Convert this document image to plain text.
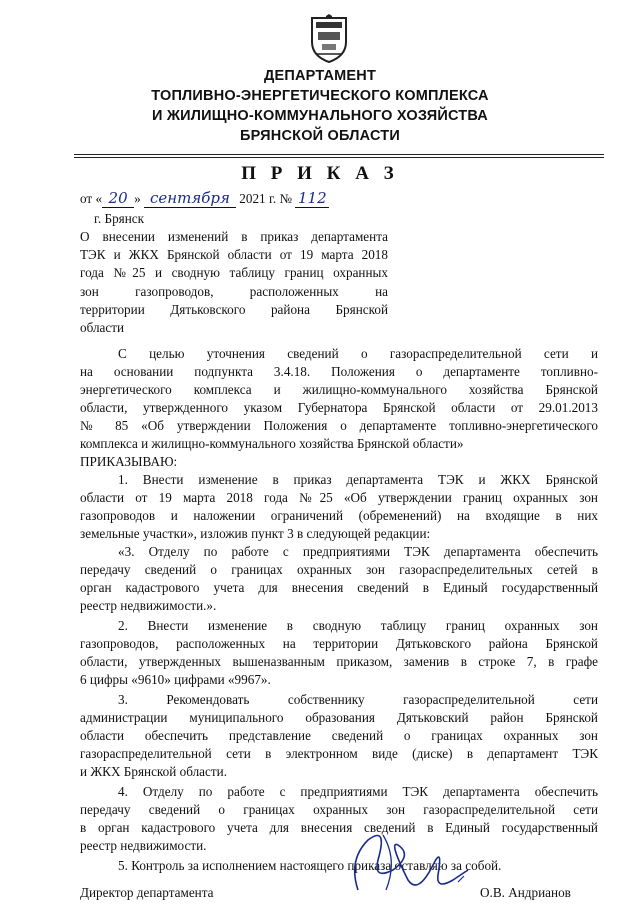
ДЕПАРТАМЕНТ
ТОПЛИВНО-ЭНЕРГЕТИЧЕСКОГО КОМПЛЕКСА
И ЖИЛИЩНО-КОММУНАЛЬНОГО ХОЗЯЙСТВА
БРЯНСКОЙ ОБЛАСТИ
П Р И К А З
от « 20 » сентября 2021 г. № 112
г. Брянск
О внесении изменений в приказ департамента
ТЭК и ЖКХ Брянской области от 19 марта 2018
года №25 и сводную таблицу границ охранных
зон газопроводов, расположенных на
территории Дятьковского района Брянской
области
С целью уточнения сведений о газораспределительной сети и
на основании подпункта 3.4.18. Положения о департаменте топливно-
энергетического комплекса и жилищно-коммунального хозяйства Брянской
области, утвержденного указом Губернатора Брянской области от 29.01.2013
№ 85 «Об утверждении Положения о департаменте топливно-энергетического
комплекса и жилищно-коммунального хозяйства Брянской области»
ПРИКАЗЫВАЮ:
1. Внести изменение в приказ департамента ТЭК и ЖКХ Брянской
области от 19 марта 2018 года №25 «Об утверждении границ охранных зон
газопроводов и наложении ограничений (обременений) на входящие в них
земельные участки», изложив пункт 3 в следующей редакции:
«3. Отделу по работе с предприятиями ТЭК департамента обеспечить
передачу сведений о границах охранных зон газораспределительных сетей в
орган кадастрового учета для внесения сведений в Единый государственный
реестр недвижимости.».
2. Внести изменение в сводную таблицу границ охранных зон
газопроводов, расположенных на территории Дятьковского района Брянской
области, утвержденных вышеназванным приказом, заменив в строке 7, в графе
6 цифры «9610» цифрами «9967».
3. Рекомендовать собственнику газораспределительной сети
администрации муниципального образования Дятьковский район Брянской
области обеспечить представление сведений о границах охранных зон
газораспределительной сети в электронном виде (диске) в департамент ТЭК
и ЖКХ Брянской области.
4. Отделу по работе с предприятиями ТЭК департамента обеспечить
передачу сведений о границах охранных зон газораспределительной сети
в орган кадастрового учета для внесения сведений в Единый государственный
реестр недвижимости.
5. Контроль за исполнением настоящего приказа оставляю за собой.
Директор департамента	О.В. Андрианов
